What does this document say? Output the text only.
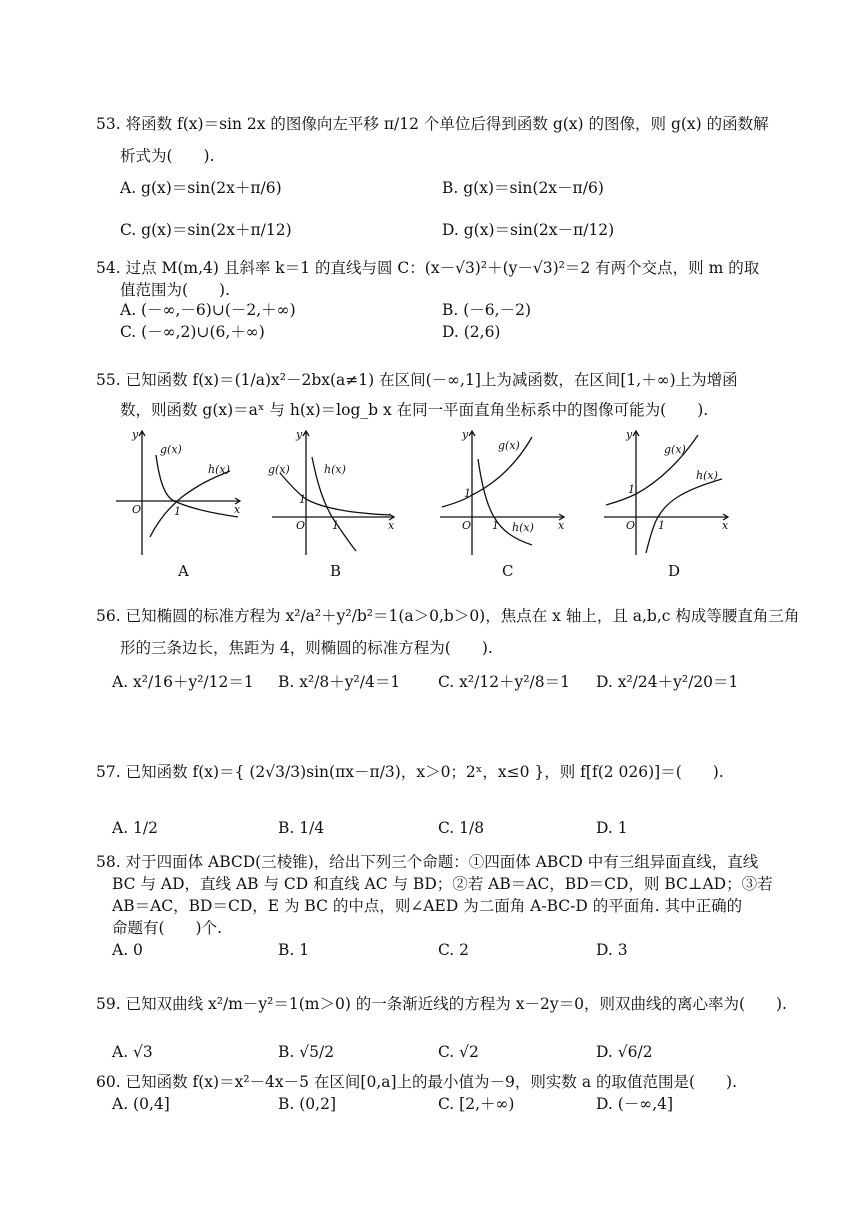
53. 将函数 f(x)＝sin 2x 的图像向左平移 π/12 个单位后得到函数 g(x) 的图像，则 g(x) 的函数解
析式为(　　).
A. g(x)＝sin(2x＋π/6)	B. g(x)＝sin(2x－π/6)
C. g(x)＝sin(2x＋π/12)	D. g(x)＝sin(2x－π/12)
54. 过点 M(m,4) 且斜率 k＝1 的直线与圆 C：(x－√3)²＋(y－√3)²＝2 有两个交点，则 m 的取
值范围为(　　).
A. (－∞,－6)∪(－2,＋∞)	B. (－6,－2)
C. (－∞,2)∪(6,＋∞)	D. (2,6)
55. 已知函数 f(x)＝(1/a)x²－2bx(a≠1) 在区间(－∞,1]上为减函数，在区间[1,＋∞)上为增函
数，则函数 g(x)＝aˣ 与 h(x)＝log_b x 在同一平面直角坐标系中的图像可能为(　　).
y
x
O	1
g(x)
h(x)
A
y
x
O
1
1
g(x)	h(x)
B
y
x
O
1
1
g(x)
h(x)
C
y
x
O
1
1
g(x)
h(x)
D
56. 已知椭圆的标准方程为 x²/a²＋y²/b²＝1(a＞0,b＞0)，焦点在 x 轴上，且 a,b,c 构成等腰直角三角
形的三条边长，焦距为 4，则椭圆的标准方程为(　　).
A. x²/16＋y²/12＝1 B. x²/8＋y²/4＝1 C. x²/12＋y²/8＝1 D. x²/24＋y²/20＝1
57. 已知函数 f(x)＝{ (2√3/3)sin(πx－π/3)，x＞0；2ˣ，x≤0 }，则 f[f(2 026)]＝(　　).
A. 1/2	B. 1/4	C. 1/8	D. 1
58. 对于四面体 ABCD(三棱锥)，给出下列三个命题：①四面体 ABCD 中有三组异面直线，直线
BC 与 AD，直线 AB 与 CD 和直线 AC 与 BD；②若 AB＝AC，BD＝CD，则 BC⊥AD；③若
AB＝AC，BD＝CD，E 为 BC 的中点，则∠AED 为二面角 A-BC-D 的平面角. 其中正确的
命题有(　　)个.
A. 0	B. 1	C. 2	D. 3
59. 已知双曲线 x²/m－y²＝1(m＞0) 的一条渐近线的方程为 x－2y＝0，则双曲线的离心率为(　　).
A. √3	B. √5/2	C. √2	D. √6/2
60. 已知函数 f(x)＝x²－4x－5 在区间[0,a]上的最小值为－9，则实数 a 的取值范围是(　　).
A. (0,4]	B. (0,2]	C. [2,＋∞)	D. (－∞,4]
